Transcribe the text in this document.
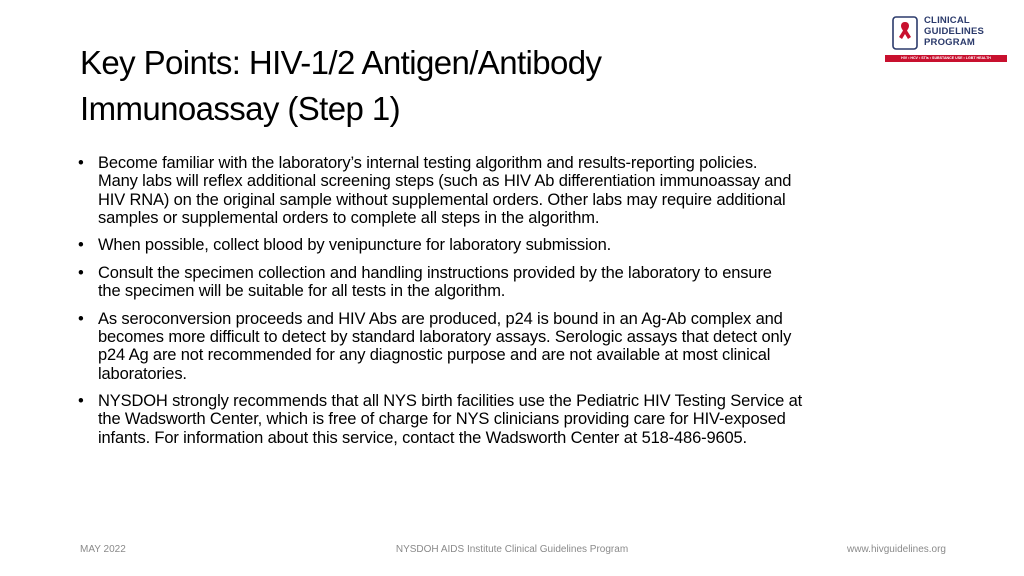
Key Points: HIV-1/2 Antigen/Antibody
Immunoassay (Step 1)
CLINICAL
GUIDELINES
PROGRAM
HIV • HCV • STIs • SUBSTANCE USE • LGBT HEALTH
• Become familiar with the laboratory’s internal testing algorithm and results-reporting policies.
Many labs will reflex additional screening steps (such as HIV Ab differentiation immunoassay and
HIV RNA) on the original sample without supplemental orders. Other labs may require additional
samples or supplemental orders to complete all steps in the algorithm.
• When possible, collect blood by venipuncture for laboratory submission.
• Consult the specimen collection and handling instructions provided by the laboratory to ensure
the specimen will be suitable for all tests in the algorithm.
• As seroconversion proceeds and HIV Abs are produced, p24 is bound in an Ag-Ab complex and
becomes more difficult to detect by standard laboratory assays. Serologic assays that detect only
p24 Ag are not recommended for any diagnostic purpose and are not available at most clinical
laboratories.
• NYSDOH strongly recommends that all NYS birth facilities use the Pediatric HIV Testing Service at
the Wadsworth Center, which is free of charge for NYS clinicians providing care for HIV-exposed
infants. For information about this service, contact the Wadsworth Center at 518-486-9605.
MAY 2022	NYSDOH AIDS Institute Clinical Guidelines Program	www.hivguidelines.org
